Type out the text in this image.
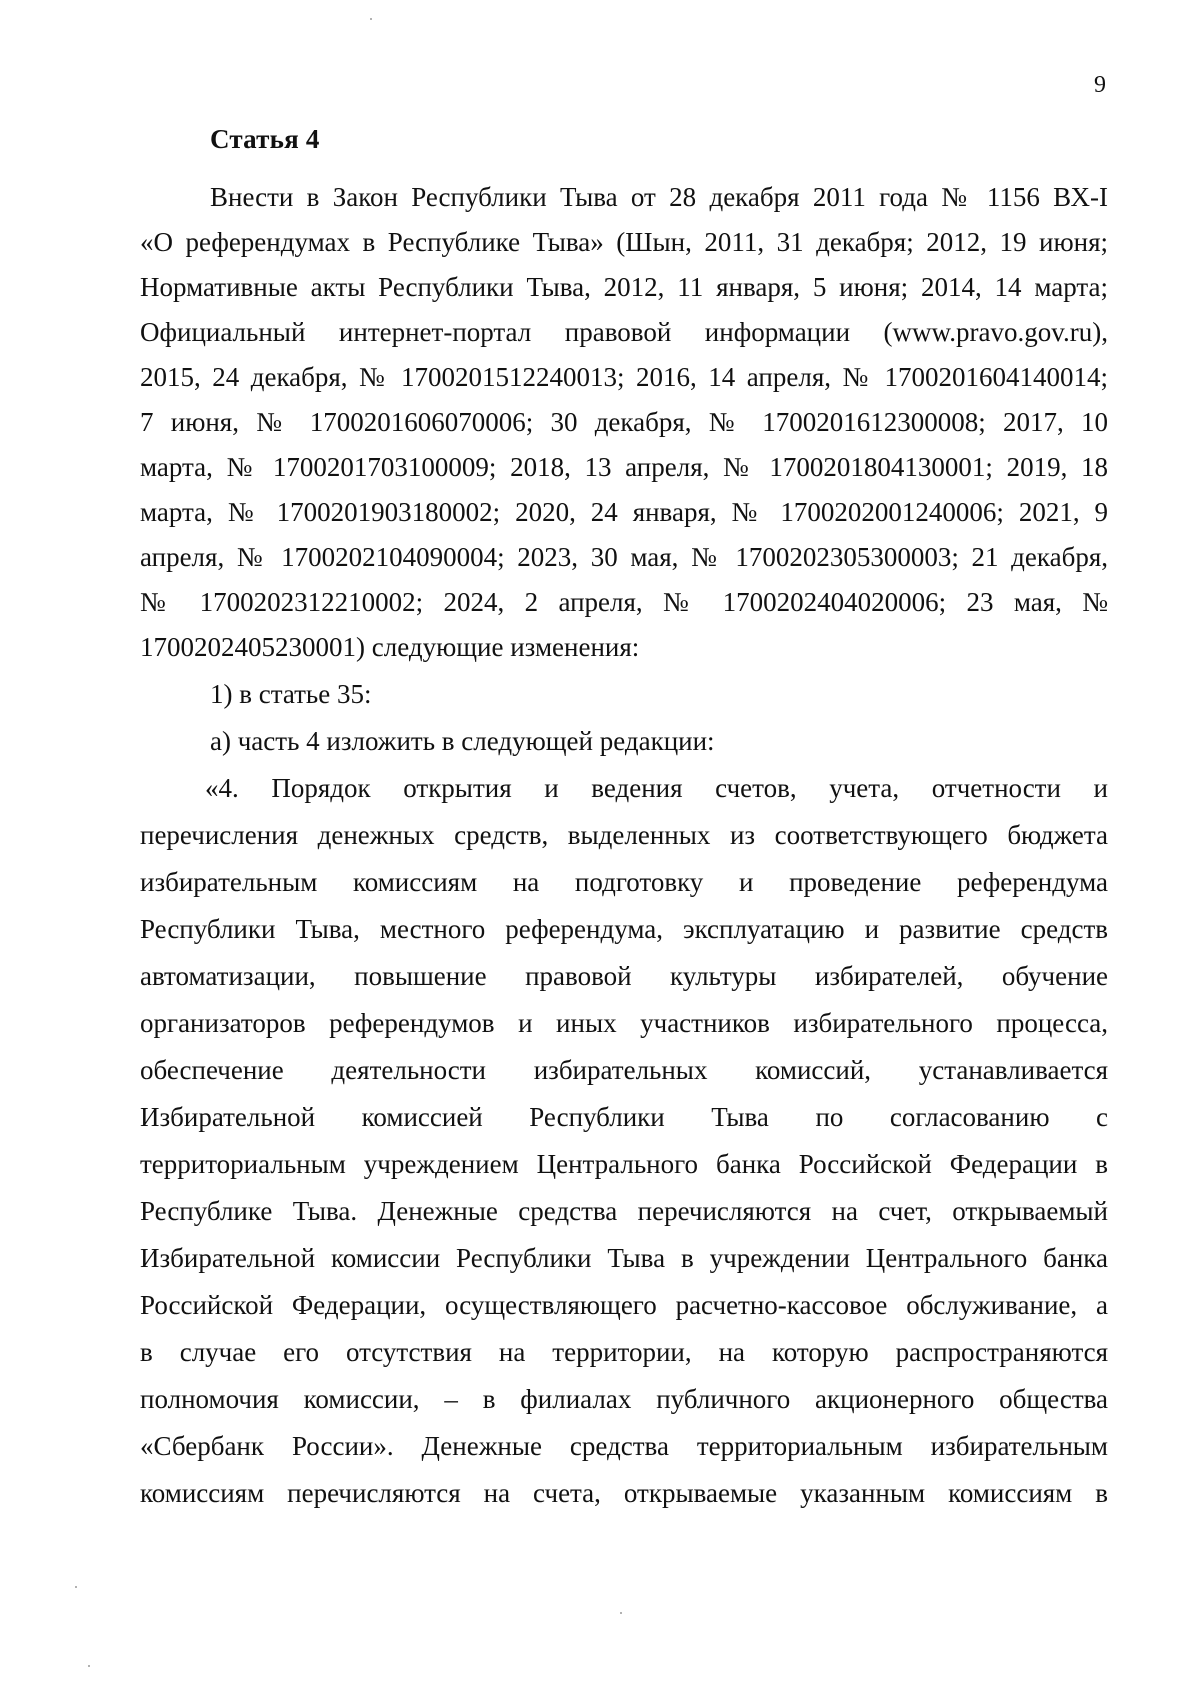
9
Статья 4
Внести в Закон Республики Тыва от 28 декабря 2011 года № 1156 ВХ-I
«О референдумах в Республике Тыва» (Шын, 2011, 31 декабря; 2012, 19 июня;
Нормативные акты Республики Тыва, 2012, 11 января, 5 июня; 2014, 14 марта;
Официальный интернет-портал правовой информации (www.pravo.gov.ru),
2015, 24 декабря, № 1700201512240013; 2016, 14 апреля, № 1700201604140014;
7 июня, № 1700201606070006; 30 декабря, № 1700201612300008; 2017, 10
марта, № 1700201703100009; 2018, 13 апреля, № 1700201804130001; 2019, 18
марта, № 1700201903180002; 2020, 24 января, № 1700202001240006; 2021, 9
апреля, № 1700202104090004; 2023, 30 мая, № 1700202305300003; 21 декабря,
№ 1700202312210002; 2024, 2 апреля, № 1700202404020006; 23 мая, №
1700202405230001) следующие изменения:
1) в статье 35:
а) часть 4 изложить в следующей редакции:
«4. Порядок открытия и ведения счетов, учета, отчетности и
перечисления денежных средств, выделенных из соответствующего бюджета
избирательным комиссиям на подготовку и проведение референдума
Республики Тыва, местного референдума, эксплуатацию и развитие средств
автоматизации, повышение правовой культуры избирателей, обучение
организаторов референдумов и иных участников избирательного процесса,
обеспечение деятельности избирательных комиссий, устанавливается
Избирательной комиссией Республики Тыва по согласованию с
территориальным учреждением Центрального банка Российской Федерации в
Республике Тыва. Денежные средства перечисляются на счет, открываемый
Избирательной комиссии Республики Тыва в учреждении Центрального банка
Российской Федерации, осуществляющего расчетно-кассовое обслуживание, а
в случае его отсутствия на территории, на которую распространяются
полномочия комиссии, – в филиалах публичного акционерного общества
«Сбербанк России». Денежные средства территориальным избирательным
комиссиям перечисляются на счета, открываемые указанным комиссиям в
